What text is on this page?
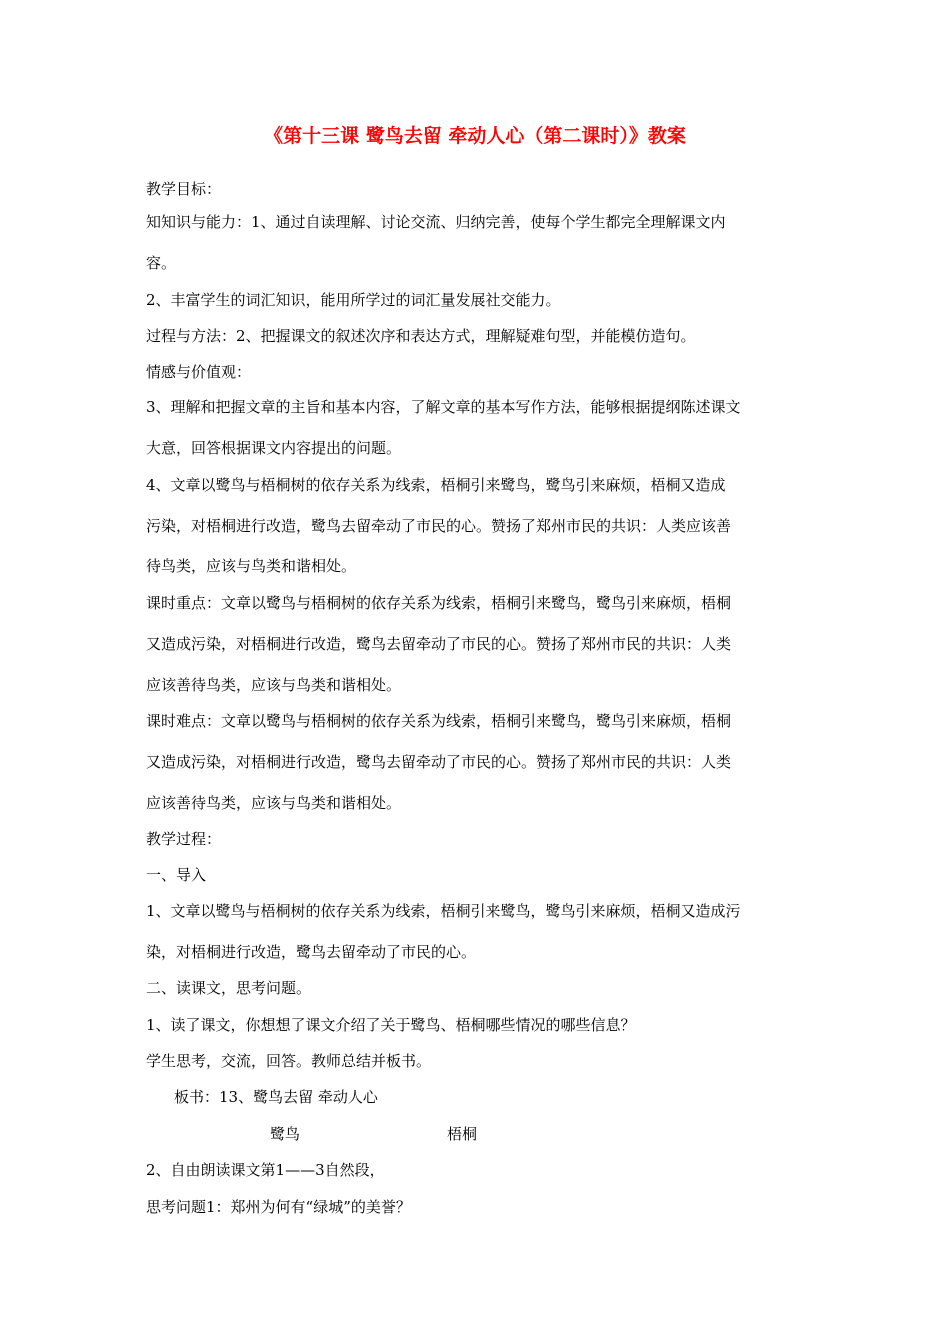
《第十三课 鹭鸟去留 牵动人心（第二课时）》教案
教学目标：
知知识与能力：1、通过自读理解、讨论交流、归纳完善，使每个学生都完全理解课文内
容。
2、丰富学生的词汇知识，能用所学过的词汇量发展社交能力。
过程与方法：2、把握课文的叙述次序和表达方式，理解疑难句型，并能模仿造句。
情感与价值观：
3、理解和把握文章的主旨和基本内容，了解文章的基本写作方法，能够根据提纲陈述课文
大意，回答根据课文内容提出的问题。
4、文章以鹭鸟与梧桐树的依存关系为线索，梧桐引来鹭鸟，鹭鸟引来麻烦，梧桐又造成
污染，对梧桐进行改造，鹭鸟去留牵动了市民的心。赞扬了郑州市民的共识：人类应该善
待鸟类，应该与鸟类和谐相处。
课时重点：文章以鹭鸟与梧桐树的依存关系为线索，梧桐引来鹭鸟，鹭鸟引来麻烦，梧桐
又造成污染，对梧桐进行改造，鹭鸟去留牵动了市民的心。赞扬了郑州市民的共识：人类
应该善待鸟类，应该与鸟类和谐相处。
课时难点：文章以鹭鸟与梧桐树的依存关系为线索，梧桐引来鹭鸟，鹭鸟引来麻烦，梧桐
又造成污染，对梧桐进行改造，鹭鸟去留牵动了市民的心。赞扬了郑州市民的共识：人类
应该善待鸟类，应该与鸟类和谐相处。
教学过程：
一、导入
1、文章以鹭鸟与梧桐树的依存关系为线索，梧桐引来鹭鸟，鹭鸟引来麻烦，梧桐又造成污
染，对梧桐进行改造，鹭鸟去留牵动了市民的心。
二、读课文，思考问题。
1、读了课文，你想想了课文介绍了关于鹭鸟、梧桐哪些情况的哪些信息？
学生思考，交流，回答。教师总结并板书。
板书：13、鹭鸟去留 牵动人心
鹭鸟	梧桐
2、自由朗读课文第1——3自然段，
思考问题1：郑州为何有“绿城”的美誉？
